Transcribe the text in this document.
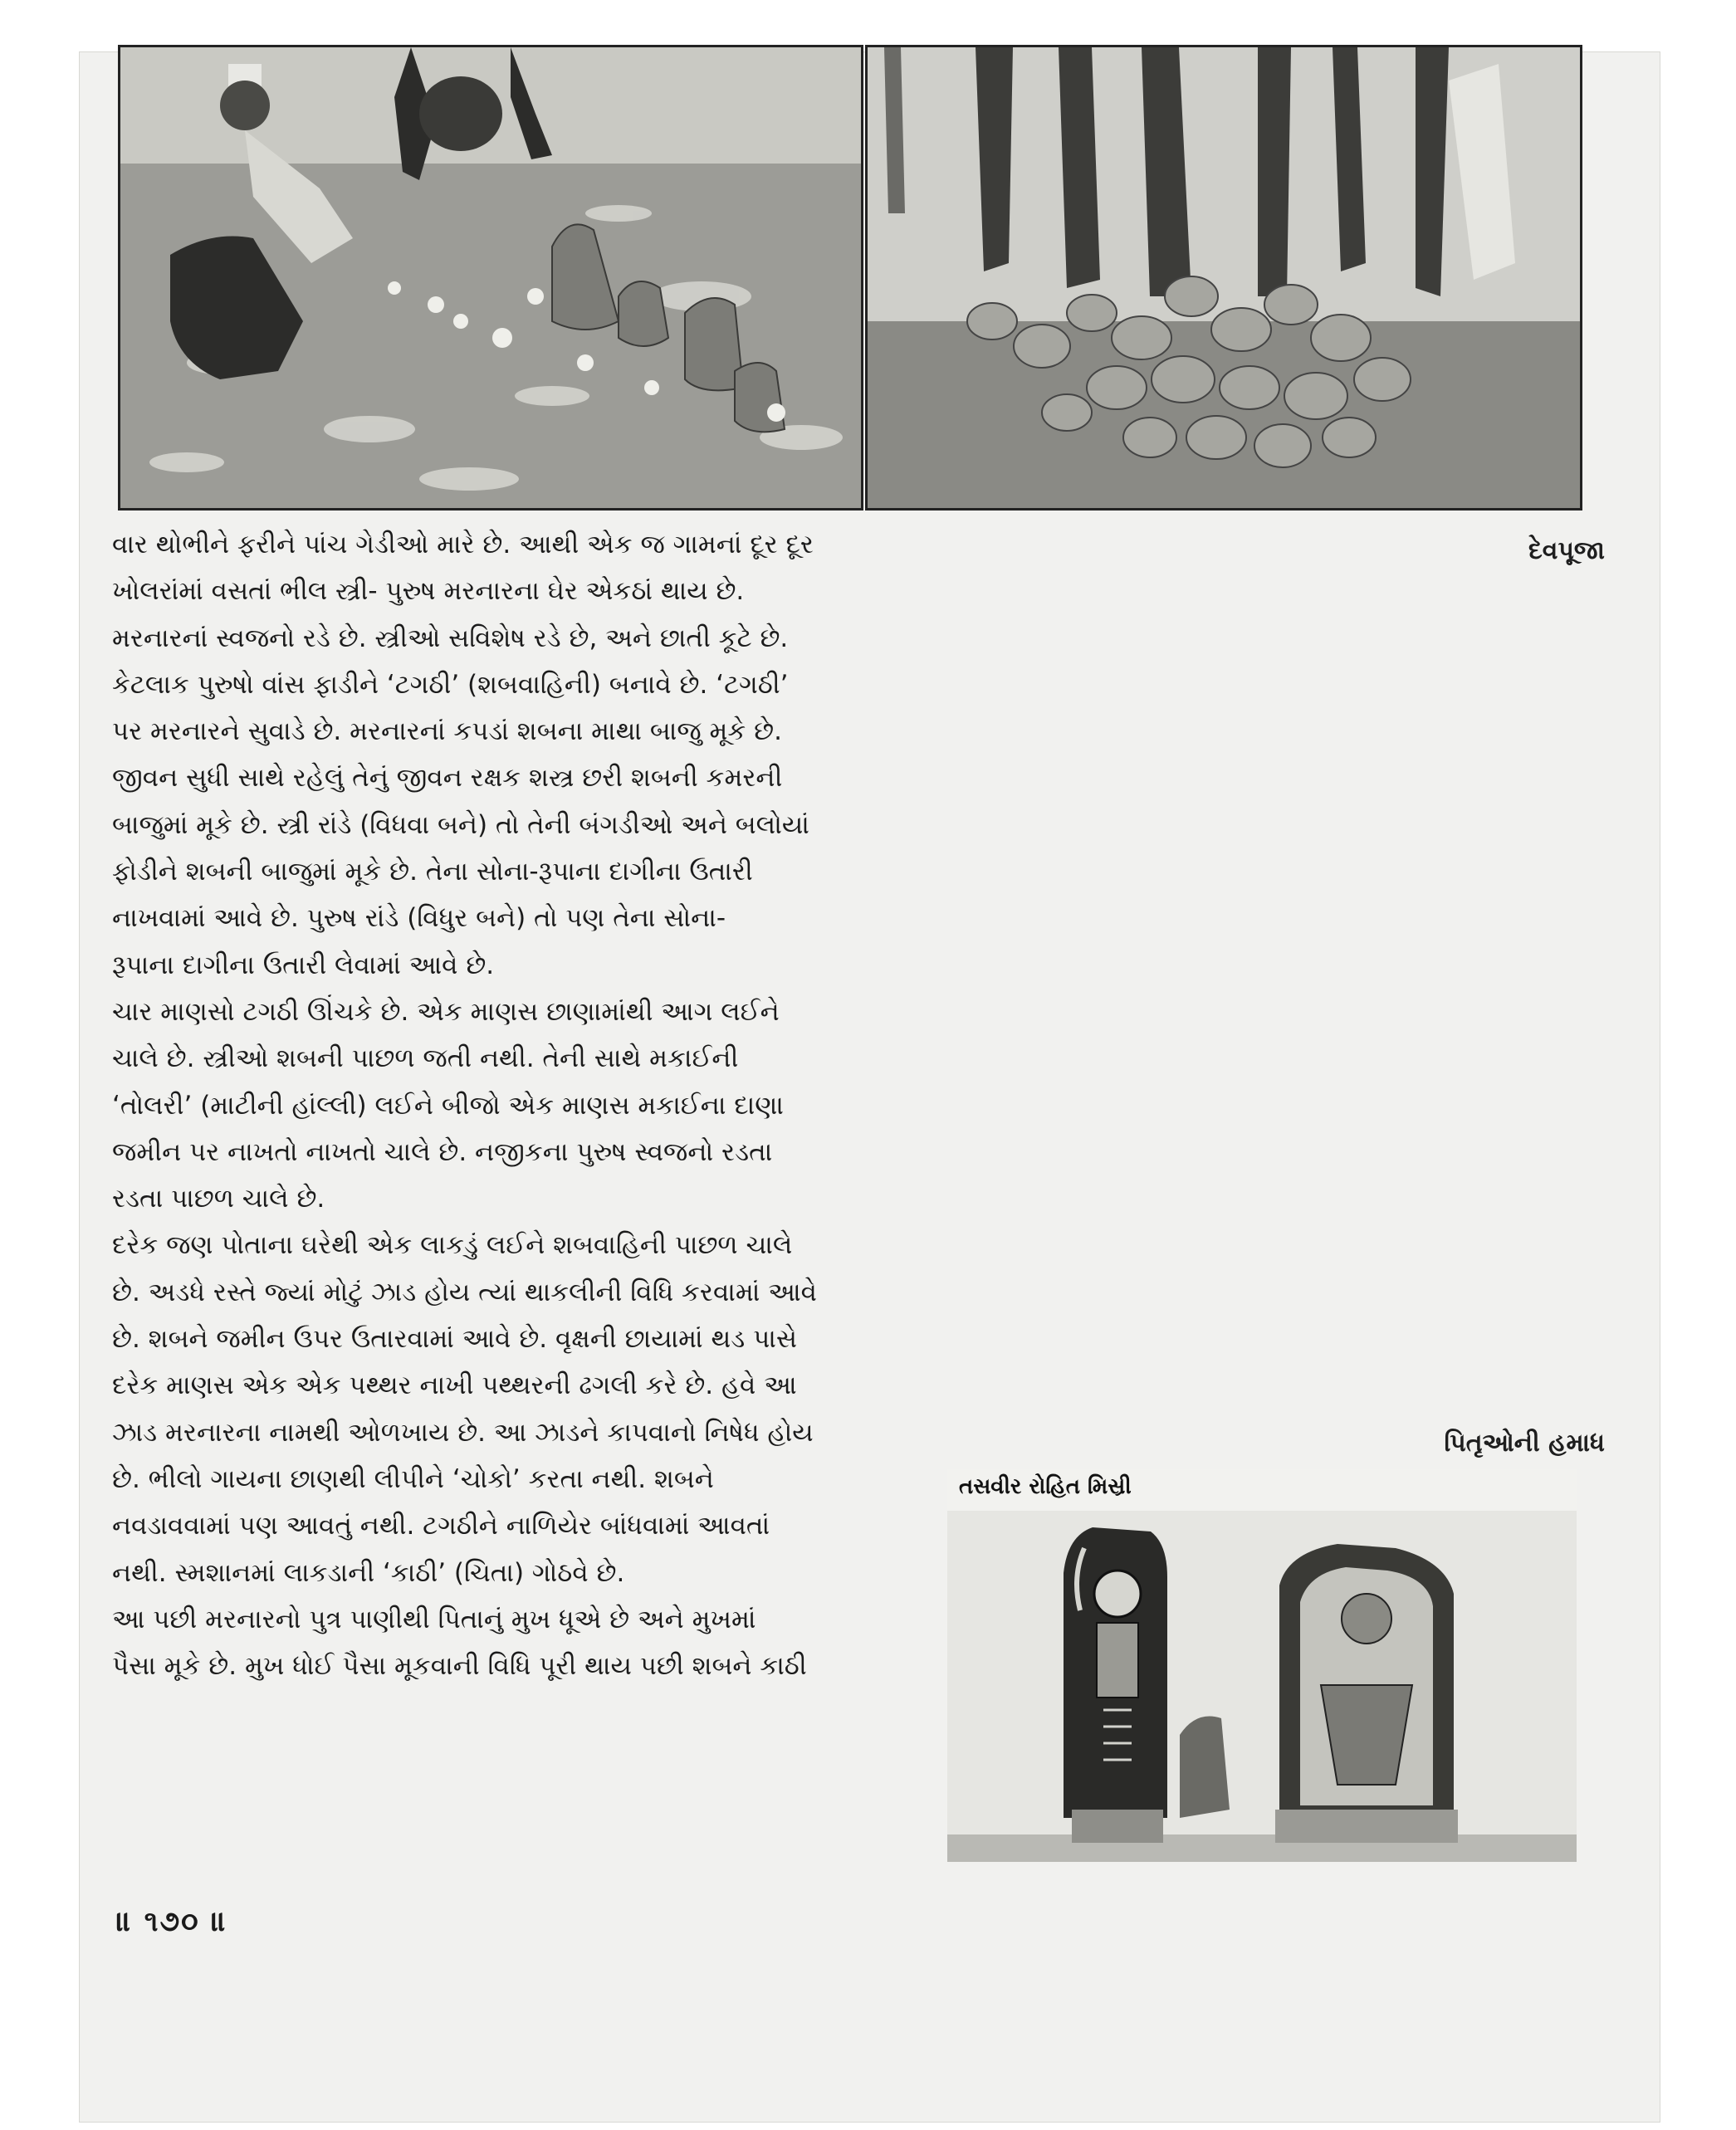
દેવપૂજા

વાર થોભીને ફરીને પાંચ ગેડીઓ મારે છે. આથી એક જ ગામનાં દૂર દૂર
ખોલરાંમાં વસતાં ભીલ સ્ત્રી- પુરુષ મરનારના ઘેર એકઠાં થાય છે.
મરનારનાં સ્વજનો રડે છે. સ્ત્રીઓ સવિશેષ રડે છે, અને છાતી કૂટે છે.
કેટલાક પુરુષો વાંસ ફાડીને ‘ટગઠી’ (શબવાહિની) બનાવે છે. ‘ટગઠી’
પર મરનારને સુવાડે છે. મરનારનાં કપડાં શબના માથા બાજુ મૂકે છે.
જીવન સુધી સાથે રહેલું તેનું જીવન રક્ષક શસ્ત્ર છરી શબની કમરની
બાજુમાં મૂકે છે. સ્ત્રી રાંડે (વિધવા બને) તો તેની બંગડીઓ અને બલોયાં
ફોડીને શબની બાજુમાં મૂકે છે. તેના સોના-રૂપાના દાગીના ઉતારી
નાખવામાં આવે છે. પુરુષ રાંડે (વિધુર બને) તો પણ તેના સોના-
રૂપાના દાગીના ઉતારી લેવામાં આવે છે.

ચાર માણસો ટગઠી ઊંચકે છે. એક માણસ છાણામાંથી આગ લઈને
ચાલે છે. સ્ત્રીઓ શબની પાછળ જતી નથી. તેની સાથે મકાઈની
‘તોલરી’ (માટીની હાંલ્લી) લઈને બીજો એક માણસ મકાઈના દાણા
જમીન પર નાખતો નાખતો ચાલે છે. નજીકના પુરુષ સ્વજનો રડતા
રડતા પાછળ ચાલે છે.

દરેક જણ પોતાના ઘરેથી એક લાકડું લઈને શબવાહિની પાછળ ચાલે
છે. અડધે રસ્તે જ્યાં મોટું ઝાડ હોય ત્યાં થાકલીની વિધિ કરવામાં આવે
છે. શબને જમીન ઉપર ઉતારવામાં આવે છે. વૃક્ષની છાયામાં થડ પાસે
દરેક માણસ એક એક પથ્થર નાખી પથ્થરની ઢગલી કરે છે. હવે આ
ઝાડ મરનારના નામથી ઓળખાય છે. આ ઝાડને કાપવાનો નિષેધ હોય
છે. ભીલો ગાયના છાણથી લીપીને ‘ચોકો’ કરતા નથી. શબને
નવડાવવામાં પણ આવતું નથી. ટગઠીને નાળિયેર બાંધવામાં આવતાં
નથી. સ્મશાનમાં લાકડાની ‘કાઠી’ (ચિતા) ગોઠવે છે.

આ પછી મરનારનો પુત્ર પાણીથી પિતાનું મુખ ધૂએ છે અને મુખમાં
પૈસા મૂકે છે. મુખ ધોઈ પૈસા મૂકવાની વિધિ પૂરી થાય પછી શબને કાઠી

પિતૃઓની હમાધ
તસવીર રોહિત મિસ્રી
॥ ૧૭૦ ॥
